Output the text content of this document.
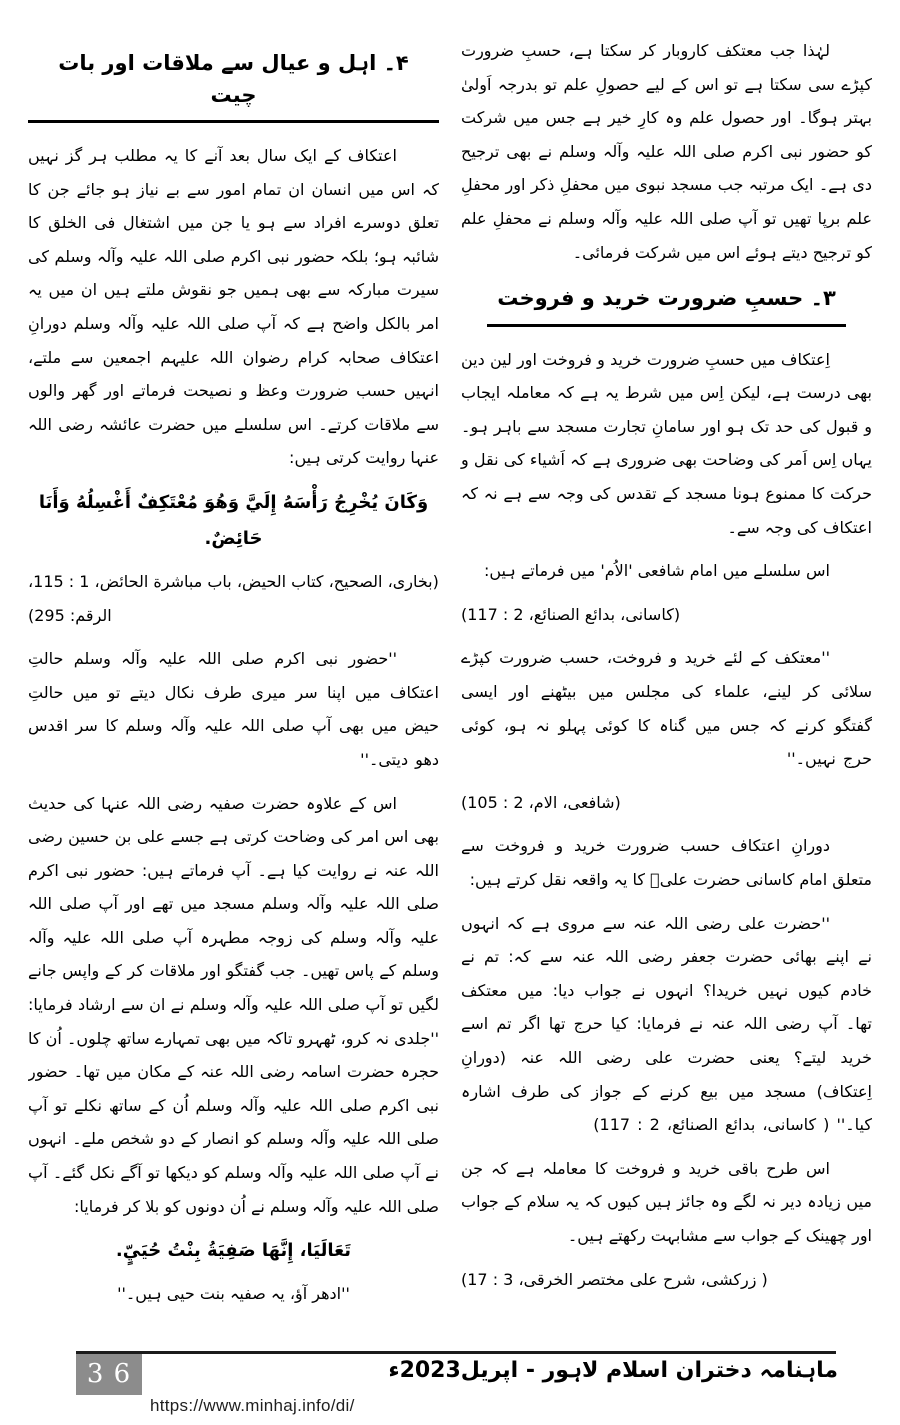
لہٰذا جب معتکف کاروبار کر سکتا ہے، حسبِ ضرورت کپڑے سی سکتا ہے تو اس کے لیے حصولِ علم تو بدرجہ اَولیٰ بہتر ہوگا۔ اور حصول علم وہ کارِ خیر ہے جس میں شرکت کو حضور نبی اکرم صلی اللہ علیہ وآلہ وسلم نے بھی ترجیح دی ہے۔ ایک مرتبہ جب مسجد نبوی میں محفلِ ذکر اور محفلِ علم برپا تھیں تو آپ صلی اللہ علیہ وآلہ وسلم نے محفلِ علم کو ترجیح دیتے ہوئے اس میں شرکت فرمائی۔

۳۔ حسبِ ضرورت خرید و فروخت

اِعتکاف میں حسبِ ضرورت خرید و فروخت اور لین دین بھی درست ہے، لیکن اِس میں شرط یہ ہے کہ معاملہ ایجاب و قبول کی حد تک ہو اور سامانِ تجارت مسجد سے باہر ہو۔ یہاں اِس اَمر کی وضاحت بھی ضروری ہے کہ اَشیاء کی نقل و حرکت کا ممنوع ہونا مسجد کے تقدس کی وجہ سے ہے نہ کہ اعتکاف کی وجہ سے۔

اس سلسلے میں امام شافعی 'الاُم' میں فرماتے ہیں:

(کاسانی، بدائع الصنائع، 2 : 117)

''معتکف کے لئے خرید و فروخت، حسب ضرورت کپڑے سلائی کر لینے، علماء کی مجلس میں بیٹھنے اور ایسی گفتگو کرنے کہ جس میں گناہ کا کوئی پہلو نہ ہو، کوئی حرج نہیں۔''

(شافعی، الام، 2 : 105)

دورانِ اعتکاف حسب ضرورت خرید و فروخت سے متعلق امام کاسانی حضرت علیؓ کا یہ واقعہ نقل کرتے ہیں:

''حضرت علی رضی اللہ عنہ سے مروی ہے کہ انہوں نے اپنے بھائی حضرت جعفر رضی اللہ عنہ سے کہ: تم نے خادم کیوں نہیں خریدا؟ انہوں نے جواب دیا: میں معتکف تھا۔ آپ رضی اللہ عنہ نے فرمایا: کیا حرج تھا اگر تم اسے خرید لیتے؟ یعنی حضرت علی رضی اللہ عنہ (دورانِ اِعتکاف) مسجد میں بیع کرنے کے جواز کی طرف اشارہ کیا۔'' ( کاسانی، بدائع الصنائع، 2 : 117)

اس طرح باقی خرید و فروخت کا معاملہ ہے کہ جن میں زیادہ دیر نہ لگے وہ جائز ہیں کیوں کہ یہ سلام کے جواب اور چھینک کے جواب سے مشابہت رکھتے ہیں۔

( زرکشی، شرح علی مختصر الخرقی، 3 : 17)
۴۔ اہل و عیال سے ملاقات اور بات چیت

اعتکاف کے ایک سال بعد آنے کا یہ مطلب ہر گز نہیں کہ اس میں انسان ان تمام امور سے بے نیاز ہو جائے جن کا تعلق دوسرے افراد سے ہو یا جن میں اشتغال فی الخلق کا شائبہ ہو؛ بلکہ حضور نبی اکرم صلی اللہ علیہ وآلہ وسلم کی سیرت مبارکہ سے بھی ہمیں جو نقوش ملتے ہیں ان میں یہ امر بالکل واضح ہے کہ آپ صلی اللہ علیہ وآلہ وسلم دورانِ اعتکاف صحابہ کرام رضوان اللہ علیہم اجمعین سے ملتے، انہیں حسب ضرورت وعظ و نصیحت فرماتے اور گھر والوں سے ملاقات کرتے۔ اس سلسلے میں حضرت عائشہ رضی اللہ عنہا روایت کرتی ہیں:

وَکَانَ يُخْرِجُ رَأْسَهُ إِلَيَّ وَهُوَ مُعْتَکِفٌ أَغْسِلُهُ وَأَنَا حَائِضٌ.
(بخاری، الصحیح، کتاب الحیض، باب مباشرة الحائض، 1 : 115، الرقم: 295)

''حضور نبی اکرم صلی اللہ علیہ وآلہ وسلم حالتِ اعتکاف میں اپنا سر میری طرف نکال دیتے تو میں حالتِ حیض میں بھی آپ صلی اللہ علیہ وآلہ وسلم کا سر اقدس دھو دیتی۔''

اس کے علاوہ حضرت صفیہ رضی اللہ عنہا کی حدیث بھی اس امر کی وضاحت کرتی ہے جسے علی بن حسین رضی اللہ عنہ نے روایت کیا ہے۔ آپ فرماتے ہیں: حضور نبی اکرم صلی اللہ علیہ وآلہ وسلم مسجد میں تھے اور آپ صلی اللہ علیہ وآلہ وسلم کی زوجہ مطہرہ آپ صلی اللہ علیہ وآلہ وسلم کے پاس تھیں۔ جب گفتگو اور ملاقات کر کے واپس جانے لگیں تو آپ صلی اللہ علیہ وآلہ وسلم نے ان سے ارشاد فرمایا: ''جلدی نہ کرو، ٹھہرو تاکہ میں بھی تمہارے ساتھ چلوں۔ اُن کا حجرہ حضرت اسامہ رضی اللہ عنہ کے مکان میں تھا۔ حضور نبی اکرم صلی اللہ علیہ وآلہ وسلم اُن کے ساتھ نکلے تو آپ صلی اللہ علیہ وآلہ وسلم کو انصار کے دو شخص ملے۔ انہوں نے آپ صلی اللہ علیہ وآلہ وسلم کو دیکھا تو آگے نکل گئے۔ آپ صلی اللہ علیہ وآلہ وسلم نے اُن دونوں کو بلا کر فرمایا:

تَعَالَيَا، إِنَّهَا صَفِيَةُ بِنْتُ حُيَيٍّ.
''ادھر آؤ، یہ صفیہ بنت حیی ہیں۔''
3 6	ماہنامہ دختران اسلام لاہور - اپریل2023ء
https://www.minhaj.info/di/
